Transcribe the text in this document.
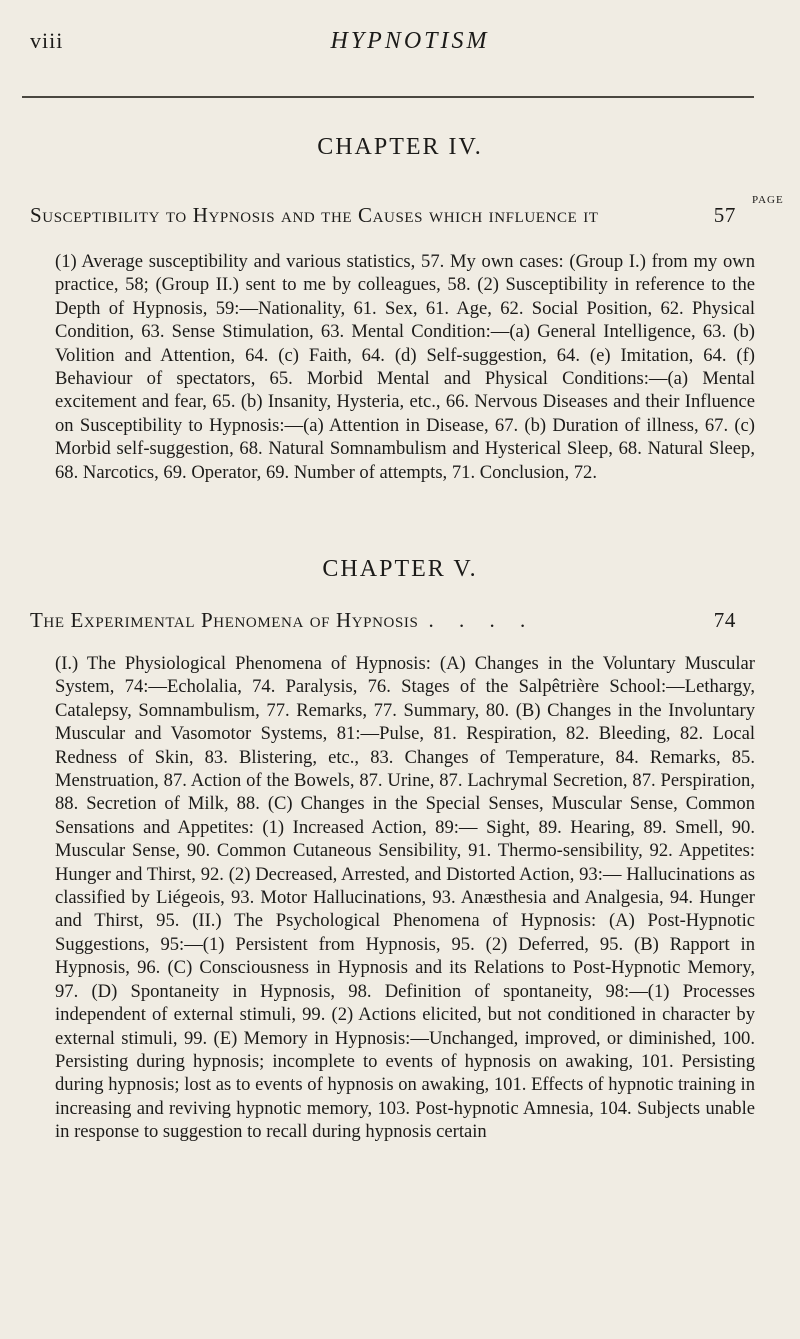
viii	HYPNOTISM
CHAPTER IV.
PAGE
Susceptibility to Hypnosis and the Causes which influence it	57

(1) Average susceptibility and various statistics, 57. My own cases: (Group I.) from my own practice, 58; (Group II.) sent to me by colleagues, 58. (2) Susceptibility in reference to the Depth of Hypnosis, 59:—Nationality, 61. Sex, 61. Age, 62. Social Position, 62. Physical Condition, 63. Sense Stimulation, 63. Mental Condition:—(a) General Intelligence, 63. (b) Volition and Attention, 64. (c) Faith, 64. (d) Self-suggestion, 64. (e) Imitation, 64. (f) Behaviour of spectators, 65. Morbid Mental and Physical Conditions:—(a) Mental excitement and fear, 65. (b) Insanity, Hysteria, etc., 66. Nervous Diseases and their Influence on Susceptibility to Hypnosis:—(a) Attention in Disease, 67. (b) Duration of illness, 67. (c) Morbid self-suggestion, 68. Natural Somnambulism and Hysterical Sleep, 68. Natural Sleep, 68. Narcotics, 69. Operator, 69. Number of attempts, 71. Conclusion, 72.

CHAPTER V.
The Experimental Phenomena of Hypnosis . . . .	74

(I.) The Physiological Phenomena of Hypnosis: (A) Changes in the Voluntary Muscular System, 74:—Echolalia, 74. Paralysis, 76. Stages of the Salpêtrière School:—Lethargy, Catalepsy, Somnambulism, 77. Remarks, 77. Summary, 80. (B) Changes in the Involuntary Muscular and Vasomotor Systems, 81:—Pulse, 81. Respiration, 82. Bleeding, 82. Local Redness of Skin, 83. Blistering, etc., 83. Changes of Temperature, 84. Remarks, 85. Menstruation, 87. Action of the Bowels, 87. Urine, 87. Lachrymal Secretion, 87. Perspiration, 88. Secretion of Milk, 88. (C) Changes in the Special Senses, Muscular Sense, Common Sensations and Appetites: (1) Increased Action, 89:— Sight, 89. Hearing, 89. Smell, 90. Muscular Sense, 90. Common Cutaneous Sensibility, 91. Thermo-sensibility, 92. Appetites: Hunger and Thirst, 92. (2) Decreased, Arrested, and Distorted Action, 93:— Hallucinations as classified by Liégeois, 93. Motor Hallucinations, 93. Anæsthesia and Analgesia, 94. Hunger and Thirst, 95. (II.) The Psychological Phenomena of Hypnosis: (A) Post-Hypnotic Suggestions, 95:—(1) Persistent from Hypnosis, 95. (2) Deferred, 95. (B) Rapport in Hypnosis, 96. (C) Consciousness in Hypnosis and its Relations to Post-Hypnotic Memory, 97. (D) Spontaneity in Hypnosis, 98. Definition of spontaneity, 98:—(1) Processes independent of external stimuli, 99. (2) Actions elicited, but not conditioned in character by external stimuli, 99. (E) Memory in Hypnosis:—Unchanged, improved, or diminished, 100. Persisting during hypnosis; incomplete to events of hypnosis on awaking, 101. Persisting during hypnosis; lost as to events of hypnosis on awaking, 101. Effects of hypnotic training in increasing and reviving hypnotic memory, 103. Post-hypnotic Amnesia, 104. Subjects unable in response to suggestion to recall during hypnosis certain
